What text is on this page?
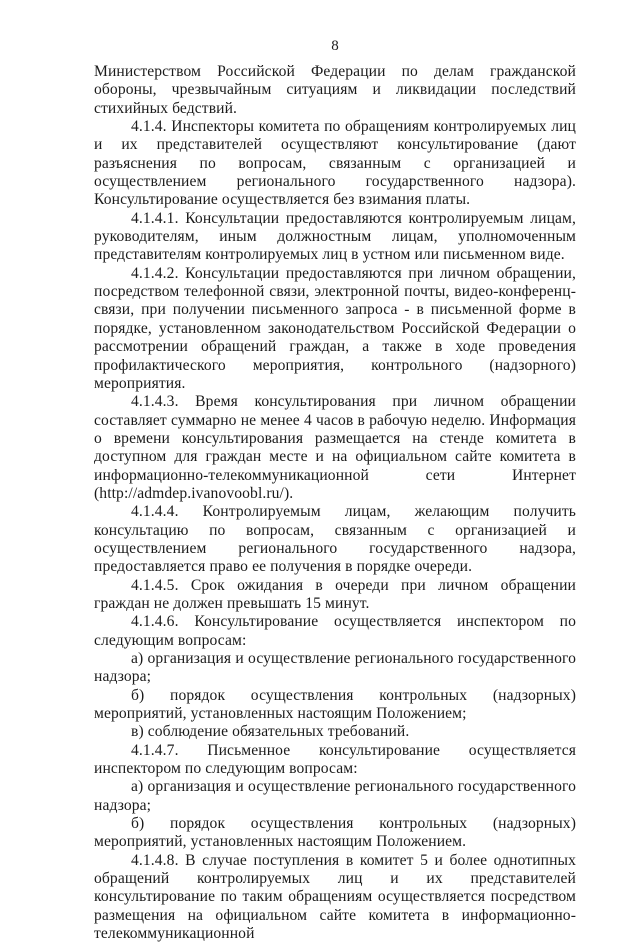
8

Министерством Российской Федерации по делам гражданской обороны, чрезвычайным ситуациям и ликвидации последствий стихийных бедствий.

4.1.4. Инспекторы комитета по обращениям контролируемых лиц и их представителей осуществляют консультирование (дают разъяснения по вопросам, связанным с организацией и осуществлением регионального государственного надзора). Консультирование осуществляется без взимания платы.

4.1.4.1. Консультации предоставляются контролируемым лицам, руководителям, иным должностным лицам, уполномоченным представителям контролируемых лиц в устном или письменном виде.

4.1.4.2. Консультации предоставляются при личном обращении, посредством телефонной связи, электронной почты, видео-конференц-связи, при получении письменного запроса - в письменной форме в порядке, установленном законодательством Российской Федерации о рассмотрении обращений граждан, а также в ходе проведения профилактического мероприятия, контрольного (надзорного) мероприятия.

4.1.4.3. Время консультирования при личном обращении составляет суммарно не менее 4 часов в рабочую неделю. Информация о времени консультирования размещается на стенде комитета в доступном для граждан месте и на официальном сайте комитета в информационно-телекоммуникационной сети Интернет (http://admdep.ivanovoobl.ru/).

4.1.4.4. Контролируемым лицам, желающим получить консультацию по вопросам, связанным с организацией и осуществлением регионального государственного надзора, предоставляется право ее получения в порядке очереди.

4.1.4.5. Срок ожидания в очереди при личном обращении граждан не должен превышать 15 минут.

4.1.4.6. Консультирование осуществляется инспектором по следующим вопросам:

а) организация и осуществление регионального государственного надзора;

б) порядок осуществления контрольных (надзорных) мероприятий, установленных настоящим Положением;

в) соблюдение обязательных требований.

4.1.4.7. Письменное консультирование осуществляется инспектором по следующим вопросам:

а) организация и осуществление регионального государственного надзора;

б) порядок осуществления контрольных (надзорных) мероприятий, установленных настоящим Положением.

4.1.4.8. В случае поступления в комитет 5 и более однотипных обращений контролируемых лиц и их представителей консультирование по таким обращениям осуществляется посредством размещения на официальном сайте комитета в информационно-телекоммуникационной
